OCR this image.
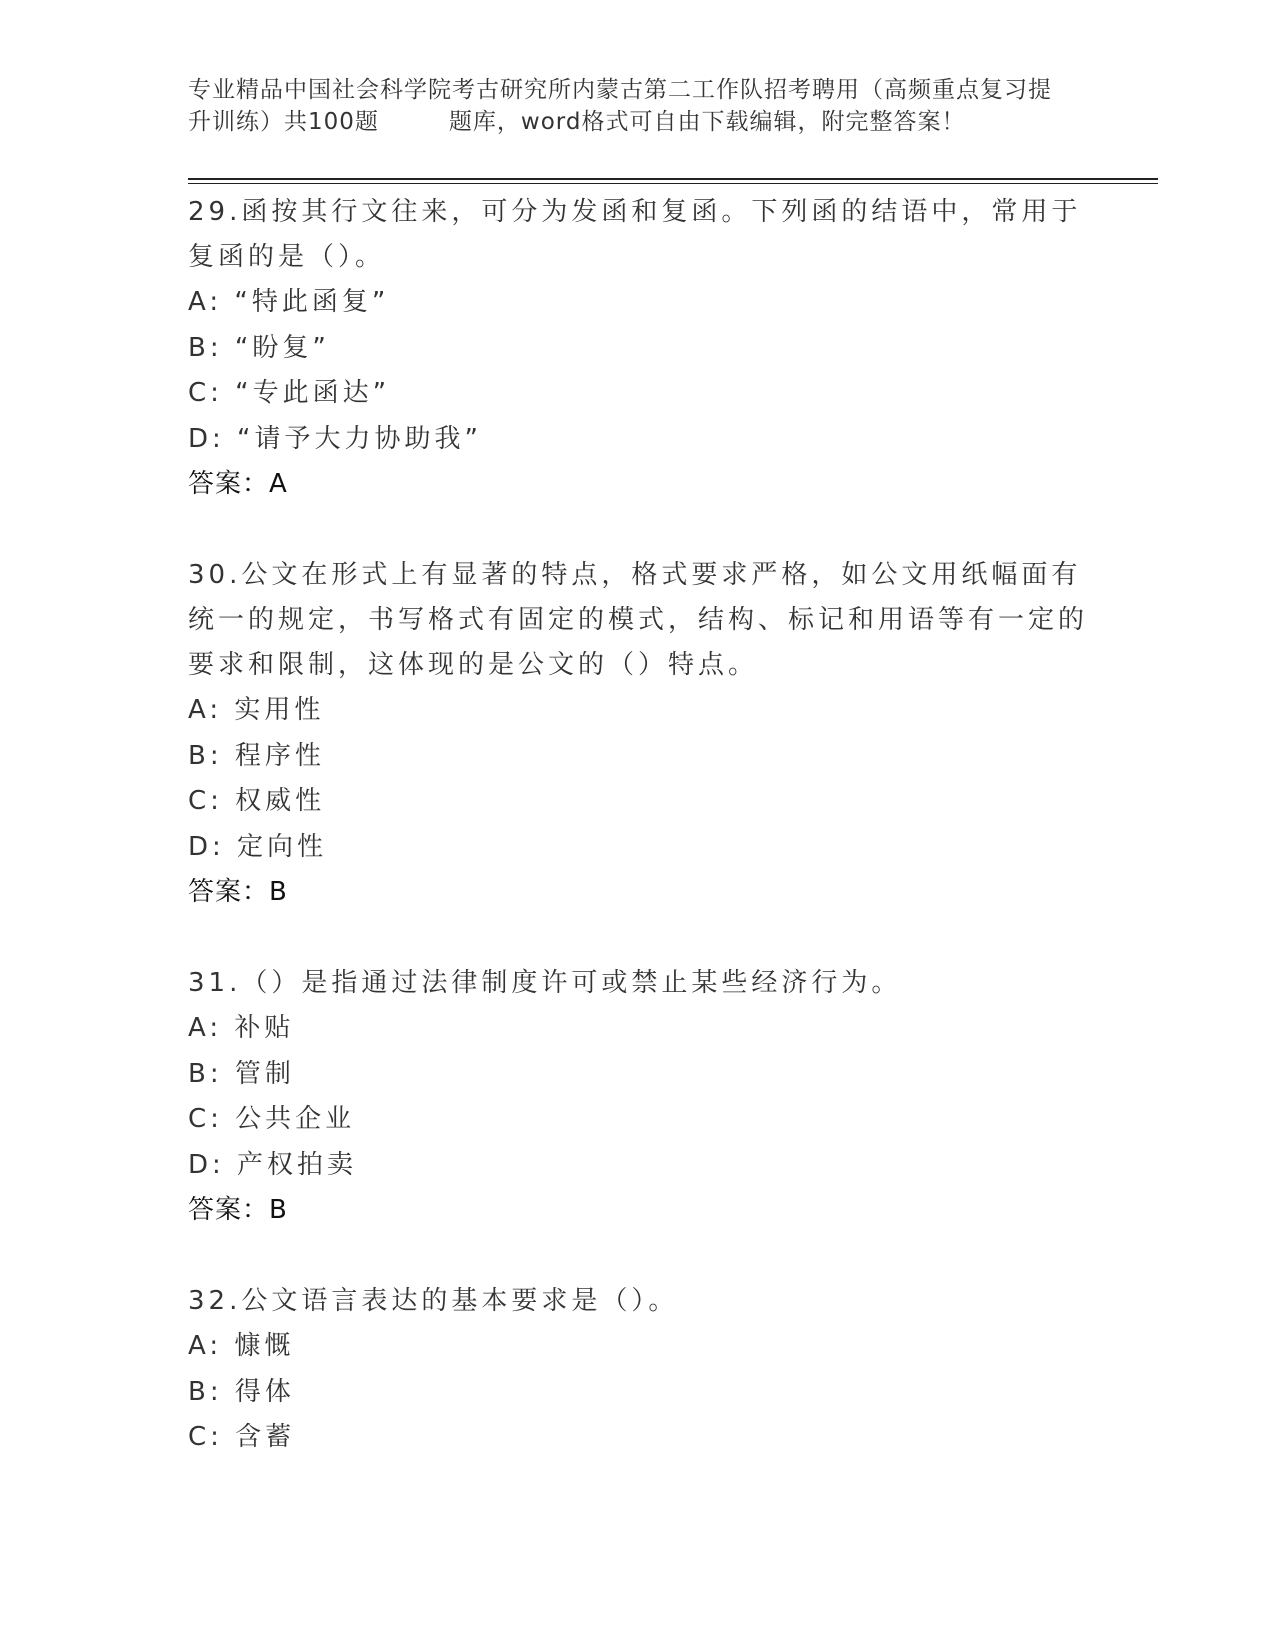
专业精品中国社会科学院考古研究所内蒙古第二工作队招考聘用（高频重点复习提
升训练）共100题	题库，word格式可自由下载编辑，附完整答案！

29.函按其行文往来，可分为发函和复函。下列函的结语中，常用于复函的是（）。

A: “特此函复”

B: “盼复”

C: “专此函达”

D: “请予大力协助我”

答案：A

30.公文在形式上有显著的特点，格式要求严格，如公文用纸幅面有统一的规定，书写格式有固定的模式，结构、标记和用语等有一定的要求和限制，这体现的是公文的（）特点。

A: 实用性

B: 程序性

C: 权威性

D: 定向性

答案：B

31.（）是指通过法律制度许可或禁止某些经济行为。

A: 补贴

B: 管制

C: 公共企业

D: 产权拍卖

答案：B

32.公文语言表达的基本要求是（）。

A: 慷慨

B: 得体

C: 含蓄
